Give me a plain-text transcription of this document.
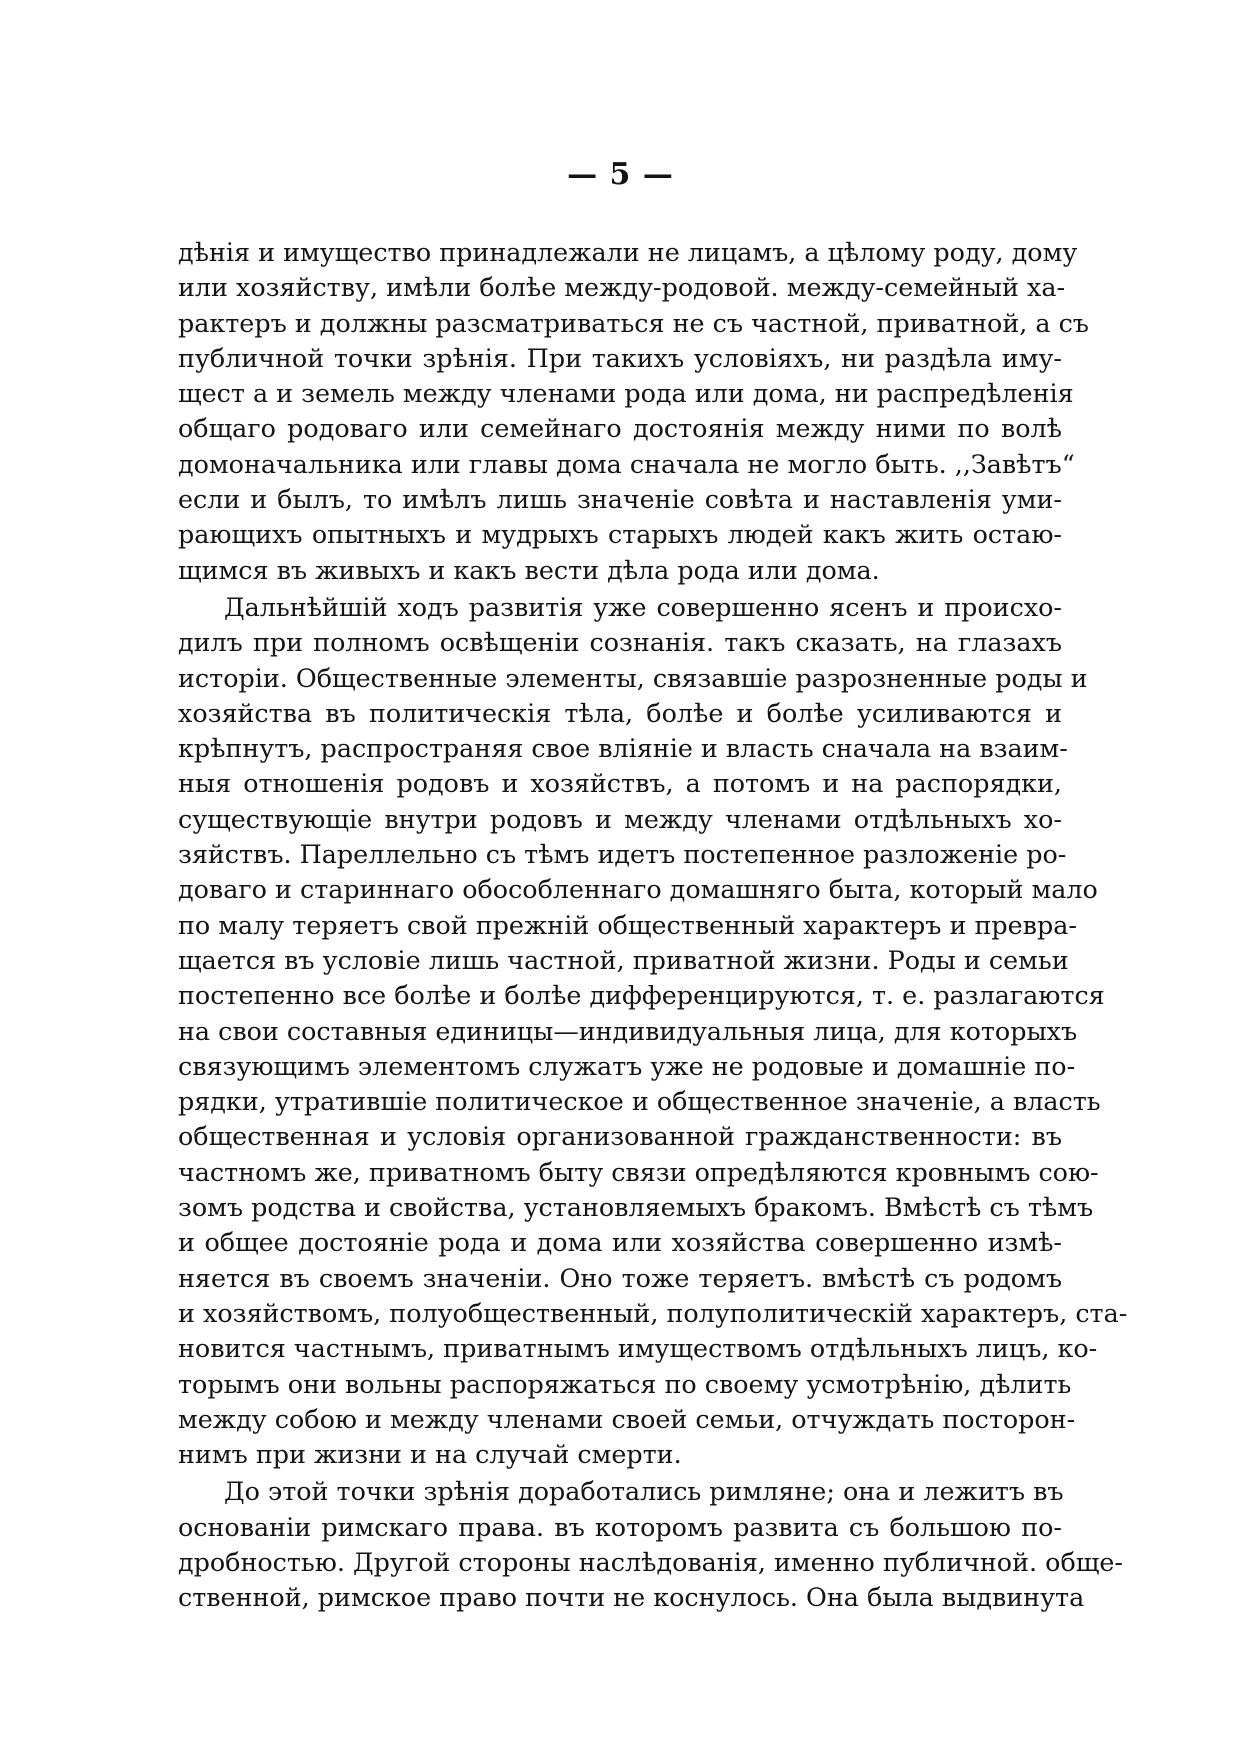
— 5 —
дѣнія и имущество принадлежали не лицамъ, а цѣлому роду, дому
или хозяйству, имѣли болѣе между-родовой. между-семейный ха-
рактеръ и должны разсматриваться не съ частной, приватной, а съ
публичной точки зрѣнія. При такихъ условіяхъ, ни раздѣла иму-
щест а и земель между членами рода или дома, ни распредѣленія
общаго родоваго или семейнаго достоянія между ними по волѣ
домоначальника или главы дома сначала не могло быть. ,,Завѣтъ“
если и былъ, то имѣлъ лишь значеніе совѣта и наставленія уми-
рающихъ опытныхъ и мудрыхъ старыхъ людей какъ жить остаю-
щимся въ живыхъ и какъ вести дѣла рода или дома.
Дальнѣйшій ходъ развитія уже совершенно ясенъ и происхо-
дилъ при полномъ освѣщеніи сознанія. такъ сказать, на глазахъ
исторіи. Общественные элементы, связавшіе разрозненные роды и
хозяйства въ политическія тѣла, болѣе и болѣе усиливаются и
крѣпнутъ, распространяя свое вліяніе и власть сначала на взаим-
ныя отношенія родовъ и хозяйствъ, а потомъ и на распорядки,
существующіе внутри родовъ и между членами отдѣльныхъ хо-
зяйствъ. Пареллельно съ тѣмъ идетъ постепенное разложеніе ро-
доваго и стариннаго обособленнаго домашняго быта, который мало
по малу теряетъ свой прежній общественный характеръ и превра-
щается въ условіе лишь частной, приватной жизни. Роды и семьи
постепенно все болѣе и болѣе дифференцируются, т. е. разлагаются
на свои составныя единицы—индивидуальныя лица, для которыхъ
связующимъ элементомъ служатъ уже не родовые и домашніе по-
рядки, утратившіе политическое и общественное значеніе, а власть
общественная и условія организованной гражданственности: въ
частномъ же, приватномъ быту связи опредѣляются кровнымъ сою-
зомъ родства и свойства, установляемыхъ бракомъ. Вмѣстѣ съ тѣмъ
и общее достояніе рода и дома или хозяйства совершенно измѣ-
няется въ своемъ значеніи. Оно тоже теряетъ. вмѣстѣ съ родомъ
и хозяйствомъ, полуобщественный, полуполитическій характеръ, ста-
новится частнымъ, приватнымъ имуществомъ отдѣльныхъ лицъ, ко-
торымъ они вольны распоряжаться по своему усмотрѣнію, дѣлить
между собою и между членами своей семьи, отчуждать посторон-
нимъ при жизни и на случай смерти.
До этой точки зрѣнія доработались римляне; она и лежитъ въ
основаніи римскаго права. въ которомъ развита съ большою по-
дробностью. Другой стороны наслѣдованія, именно публичной. обще-
ственной, римское право почти не коснулось. Она была выдвинута
